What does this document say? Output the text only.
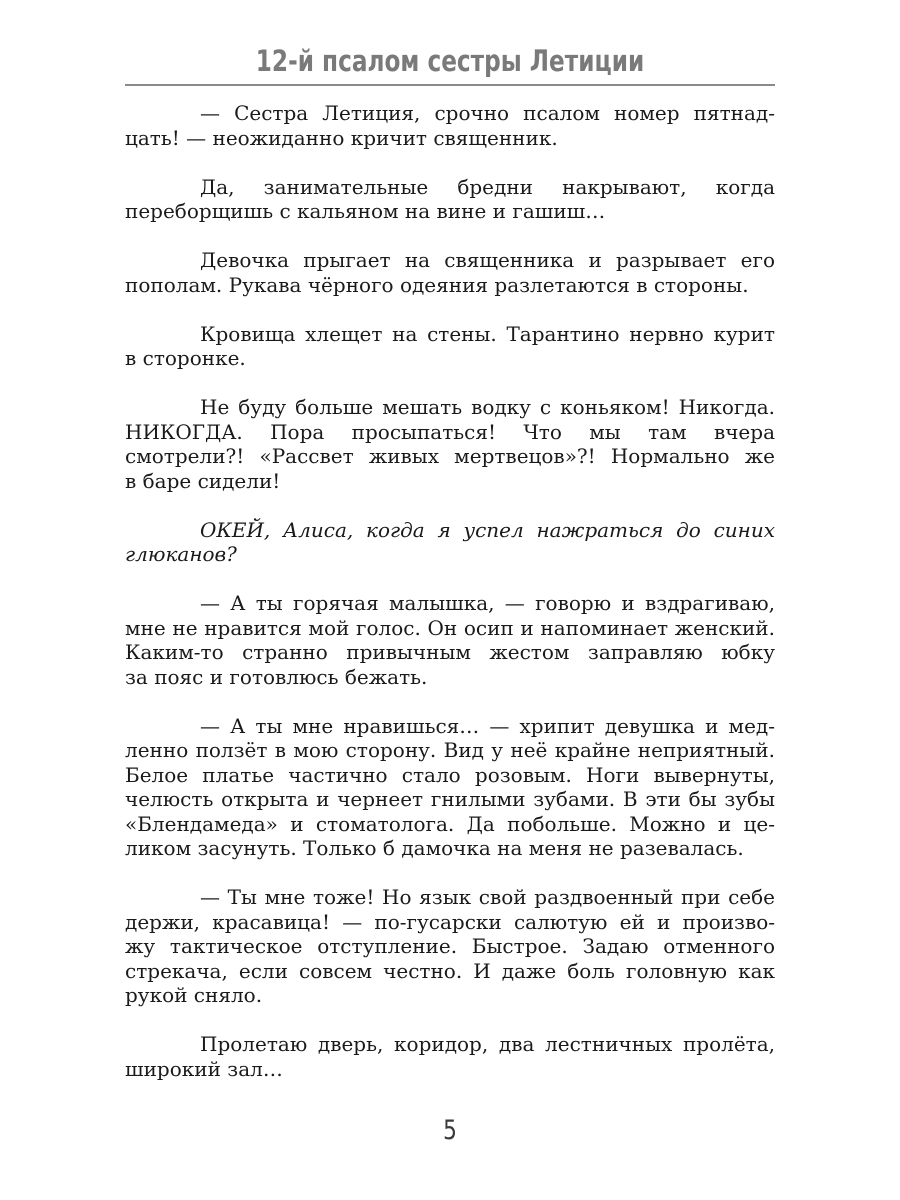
12-й псалом сестры Летиции
— Сестра Летиция, срочно псалом номер пятнад-
цать! — неожиданно кричит священник.
Да, занимательные бредни накрывают, когда
переборщишь с кальяном на вине и гашиш…
Девочка прыгает на священника и разрывает его
пополам. Рукава чёрного одеяния разлетаются в стороны.
Кровища хлещет на стены. Тарантино нервно курит
в сторонке.
Не буду больше мешать водку с коньяком! Никогда.
НИКОГДА. Пора просыпаться! Что мы там вчера
смотрели?! «Рассвет живых мертвецов»?! Нормально же
в баре сидели!
ОКЕЙ, Алиса, когда я успел нажраться до синих
глюканов?
— А ты горячая малышка, — говорю и вздрагиваю,
мне не нравится мой голос. Он осип и напоминает женский.
Каким-то странно привычным жестом заправляю юбку
за пояс и готовлюсь бежать.
— А ты мне нравишься… — хрипит девушка и мед-
ленно ползёт в мою сторону. Вид у неё крайне неприятный.
Белое платье частично стало розовым. Ноги вывернуты,
челюсть открыта и чернеет гнилыми зубами. В эти бы зубы
«Блендамеда» и стоматолога. Да побольше. Можно и це-
ликом засунуть. Только б дамочка на меня не разевалась.
— Ты мне тоже! Но язык свой раздвоенный при себе
держи, красавица! — по-гусарски салютую ей и произво-
жу тактическое отступление. Быстрое. Задаю отменного
стрекача, если совсем честно. И даже боль головную как
рукой сняло.
Пролетаю дверь, коридор, два лестничных пролёта,
широкий зал…
5
